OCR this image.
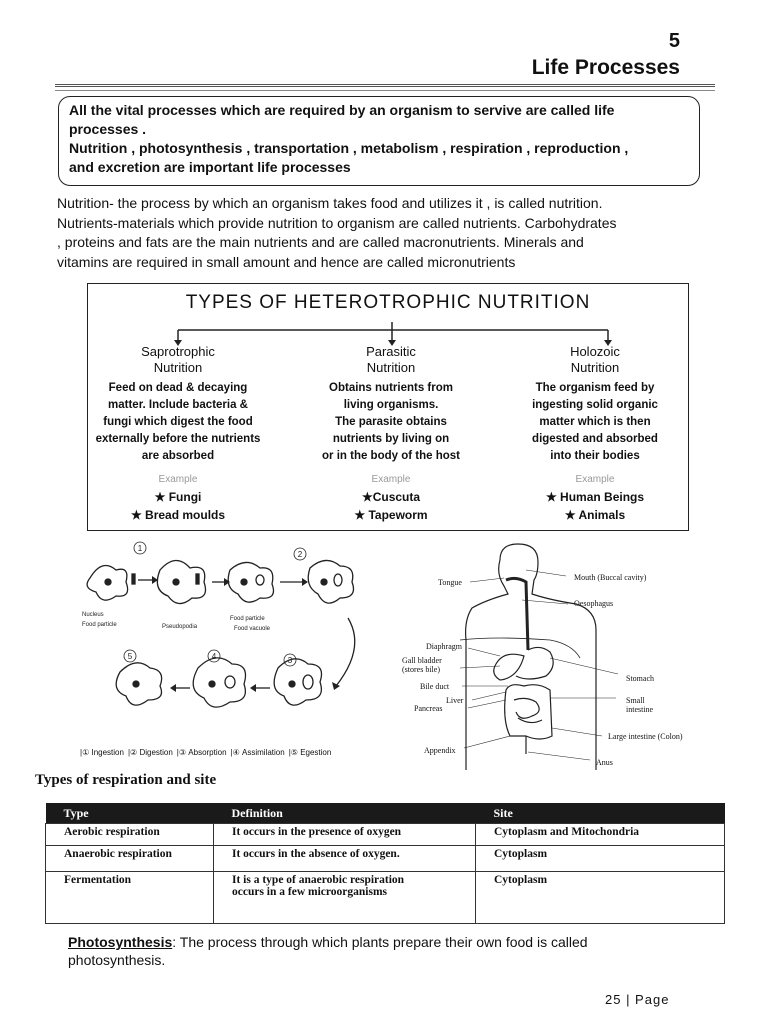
5
Life Processes
All the vital processes which are required by an organism to servive are called life
processes .
Nutrition , photosynthesis , transportation , metabolism , respiration , reproduction ,
and excretion are important life processes
Nutrition- the process by which an organism takes food and utilizes it , is called nutrition.
Nutrients-materials which provide nutrition to organism are called nutrients. Carbohydrates
, proteins and fats are the main nutrients and are called macronutrients. Minerals and
vitamins are required in small amount and hence are called micronutrients
TYPES OF HETEROTROPHIC NUTRITION
Saprotrophic
Nutrition
Feed on dead & decaying
matter. Include bacteria &
fungi which digest the food
externally before the nutrients
are absorbed
Example
★ Fungi
★ Bread moulds
Parasitic
Nutrition
Obtains nutrients from
living organisms.
The parasite obtains
nutrients by living on
or in the body of the host
Example
★Cuscuta
★ Tapeworm
Holozoic
Nutrition
The organism feed by
ingesting solid organic
matter which is then
digested and absorbed
into their bodies
Example
★ Human Beings
★ Animals
1
2
3
4
5
Nucleus
Food particle	Pseudopodia
Food particle
Food vacuole
|① Ingestion |② Digestion |③ Absorption |④ Assimilation |⑤ Egestion
Tongue
Mouth (Buccal cavity)
Oesophagus
Diaphragm
Gall bladder
(stores bile)
Stomach
Bile duct
Liver
Pancreas
Small
intestine
Large intestine (Colon)
Appendix
Anus
Types of respiration and site
Type	Definition	Site
Aerobic respiration	It occurs in the presence of oxygen	Cytoplasm and Mitochondria
Anaerobic respiration	It occurs in the absence of oxygen.	Cytoplasm
Fermentation	It is a type of anaerobic respiration
occurs in a few microorganisms	Cytoplasm
Photosynthesis: The process through which plants prepare their own food is called
photosynthesis.
25 | Page
